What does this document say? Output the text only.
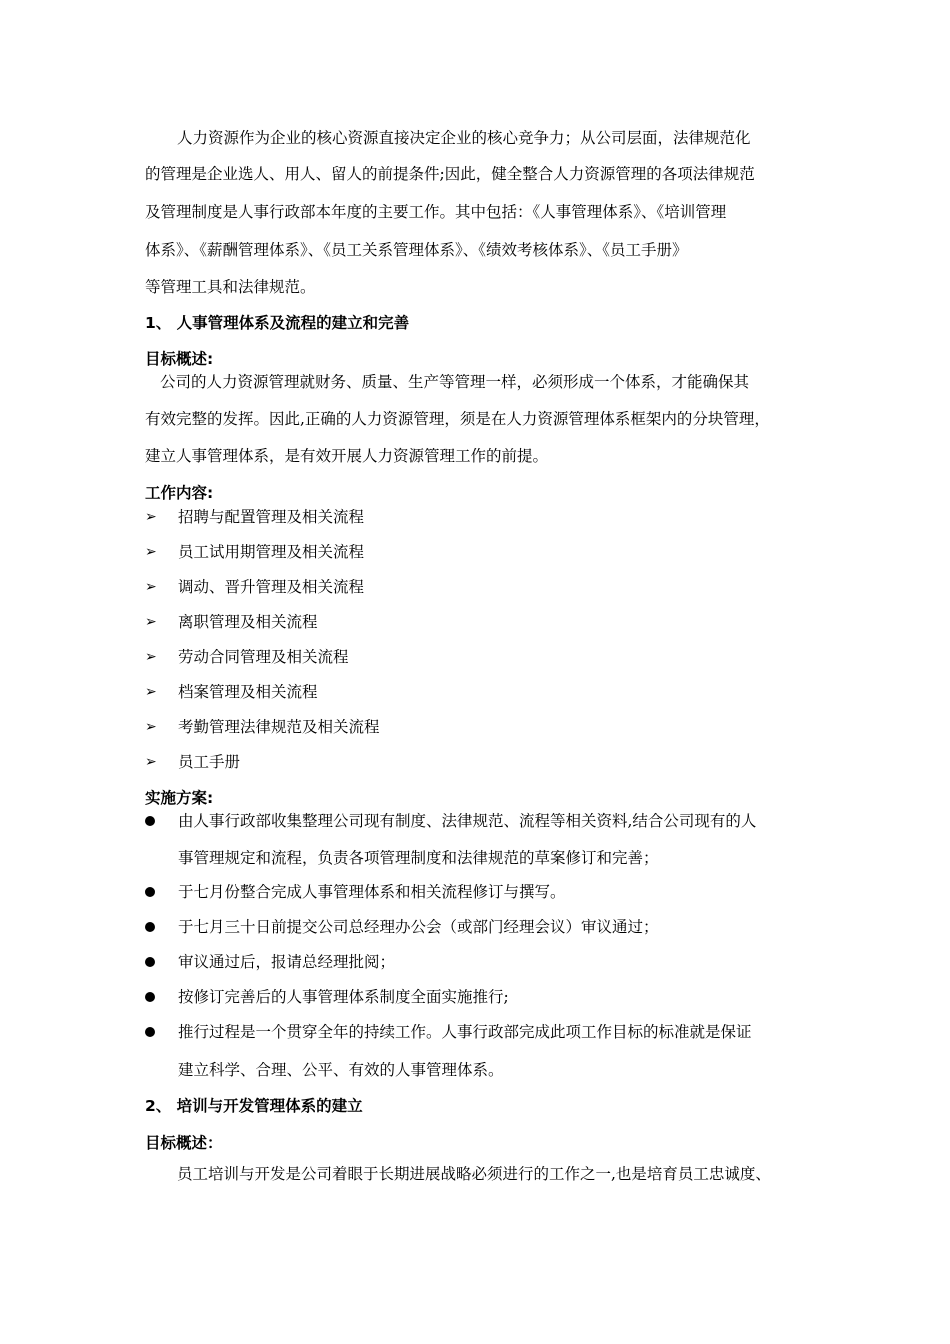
人力资源作为企业的核心资源直接决定企业的核心竞争力；从公司层面，法律规范化
的管理是企业选人、用人、留人的前提条件;因此，健全整合人力资源管理的各项法律规范
及管理制度是人事行政部本年度的主要工作。其中包括：《人事管理体系》、《培训管理
体系》、《薪酬管理体系》、《员工关系管理体系》、《绩效考核体系》、《员工手册》
等管理工具和法律规范。
1、 人事管理体系及流程的建立和完善
目标概述:
公司的人力资源管理就财务、质量、生产等管理一样，必须形成一个体系，才能确保其
有效完整的发挥。因此,正确的人力资源管理，须是在人力资源管理体系框架内的分块管理，
建立人事管理体系，是有效开展人力资源管理工作的前提。
工作内容:
➢ 招聘与配置管理及相关流程
➢ 员工试用期管理及相关流程
➢ 调动、晋升管理及相关流程
➢ 离职管理及相关流程
➢ 劳动合同管理及相关流程
➢ 档案管理及相关流程
➢ 考勤管理法律规范及相关流程
➢ 员工手册
实施方案:
由人事行政部收集整理公司现有制度、法律规范、流程等相关资料,结合公司现有的人
事管理规定和流程，负责各项管理制度和法律规范的草案修订和完善；
于七月份整合完成人事管理体系和相关流程修订与撰写。
于七月三十日前提交公司总经理办公会（或部门经理会议）审议通过；
审议通过后，报请总经理批阅；
按修订完善后的人事管理体系制度全面实施推行;
推行过程是一个贯穿全年的持续工作。人事行政部完成此项工作目标的标准就是保证
建立科学、合理、公平、有效的人事管理体系。
2、 培训与开发管理体系的建立
目标概述：
员工培训与开发是公司着眼于长期进展战略必须进行的工作之一,也是培育员工忠诚度、
